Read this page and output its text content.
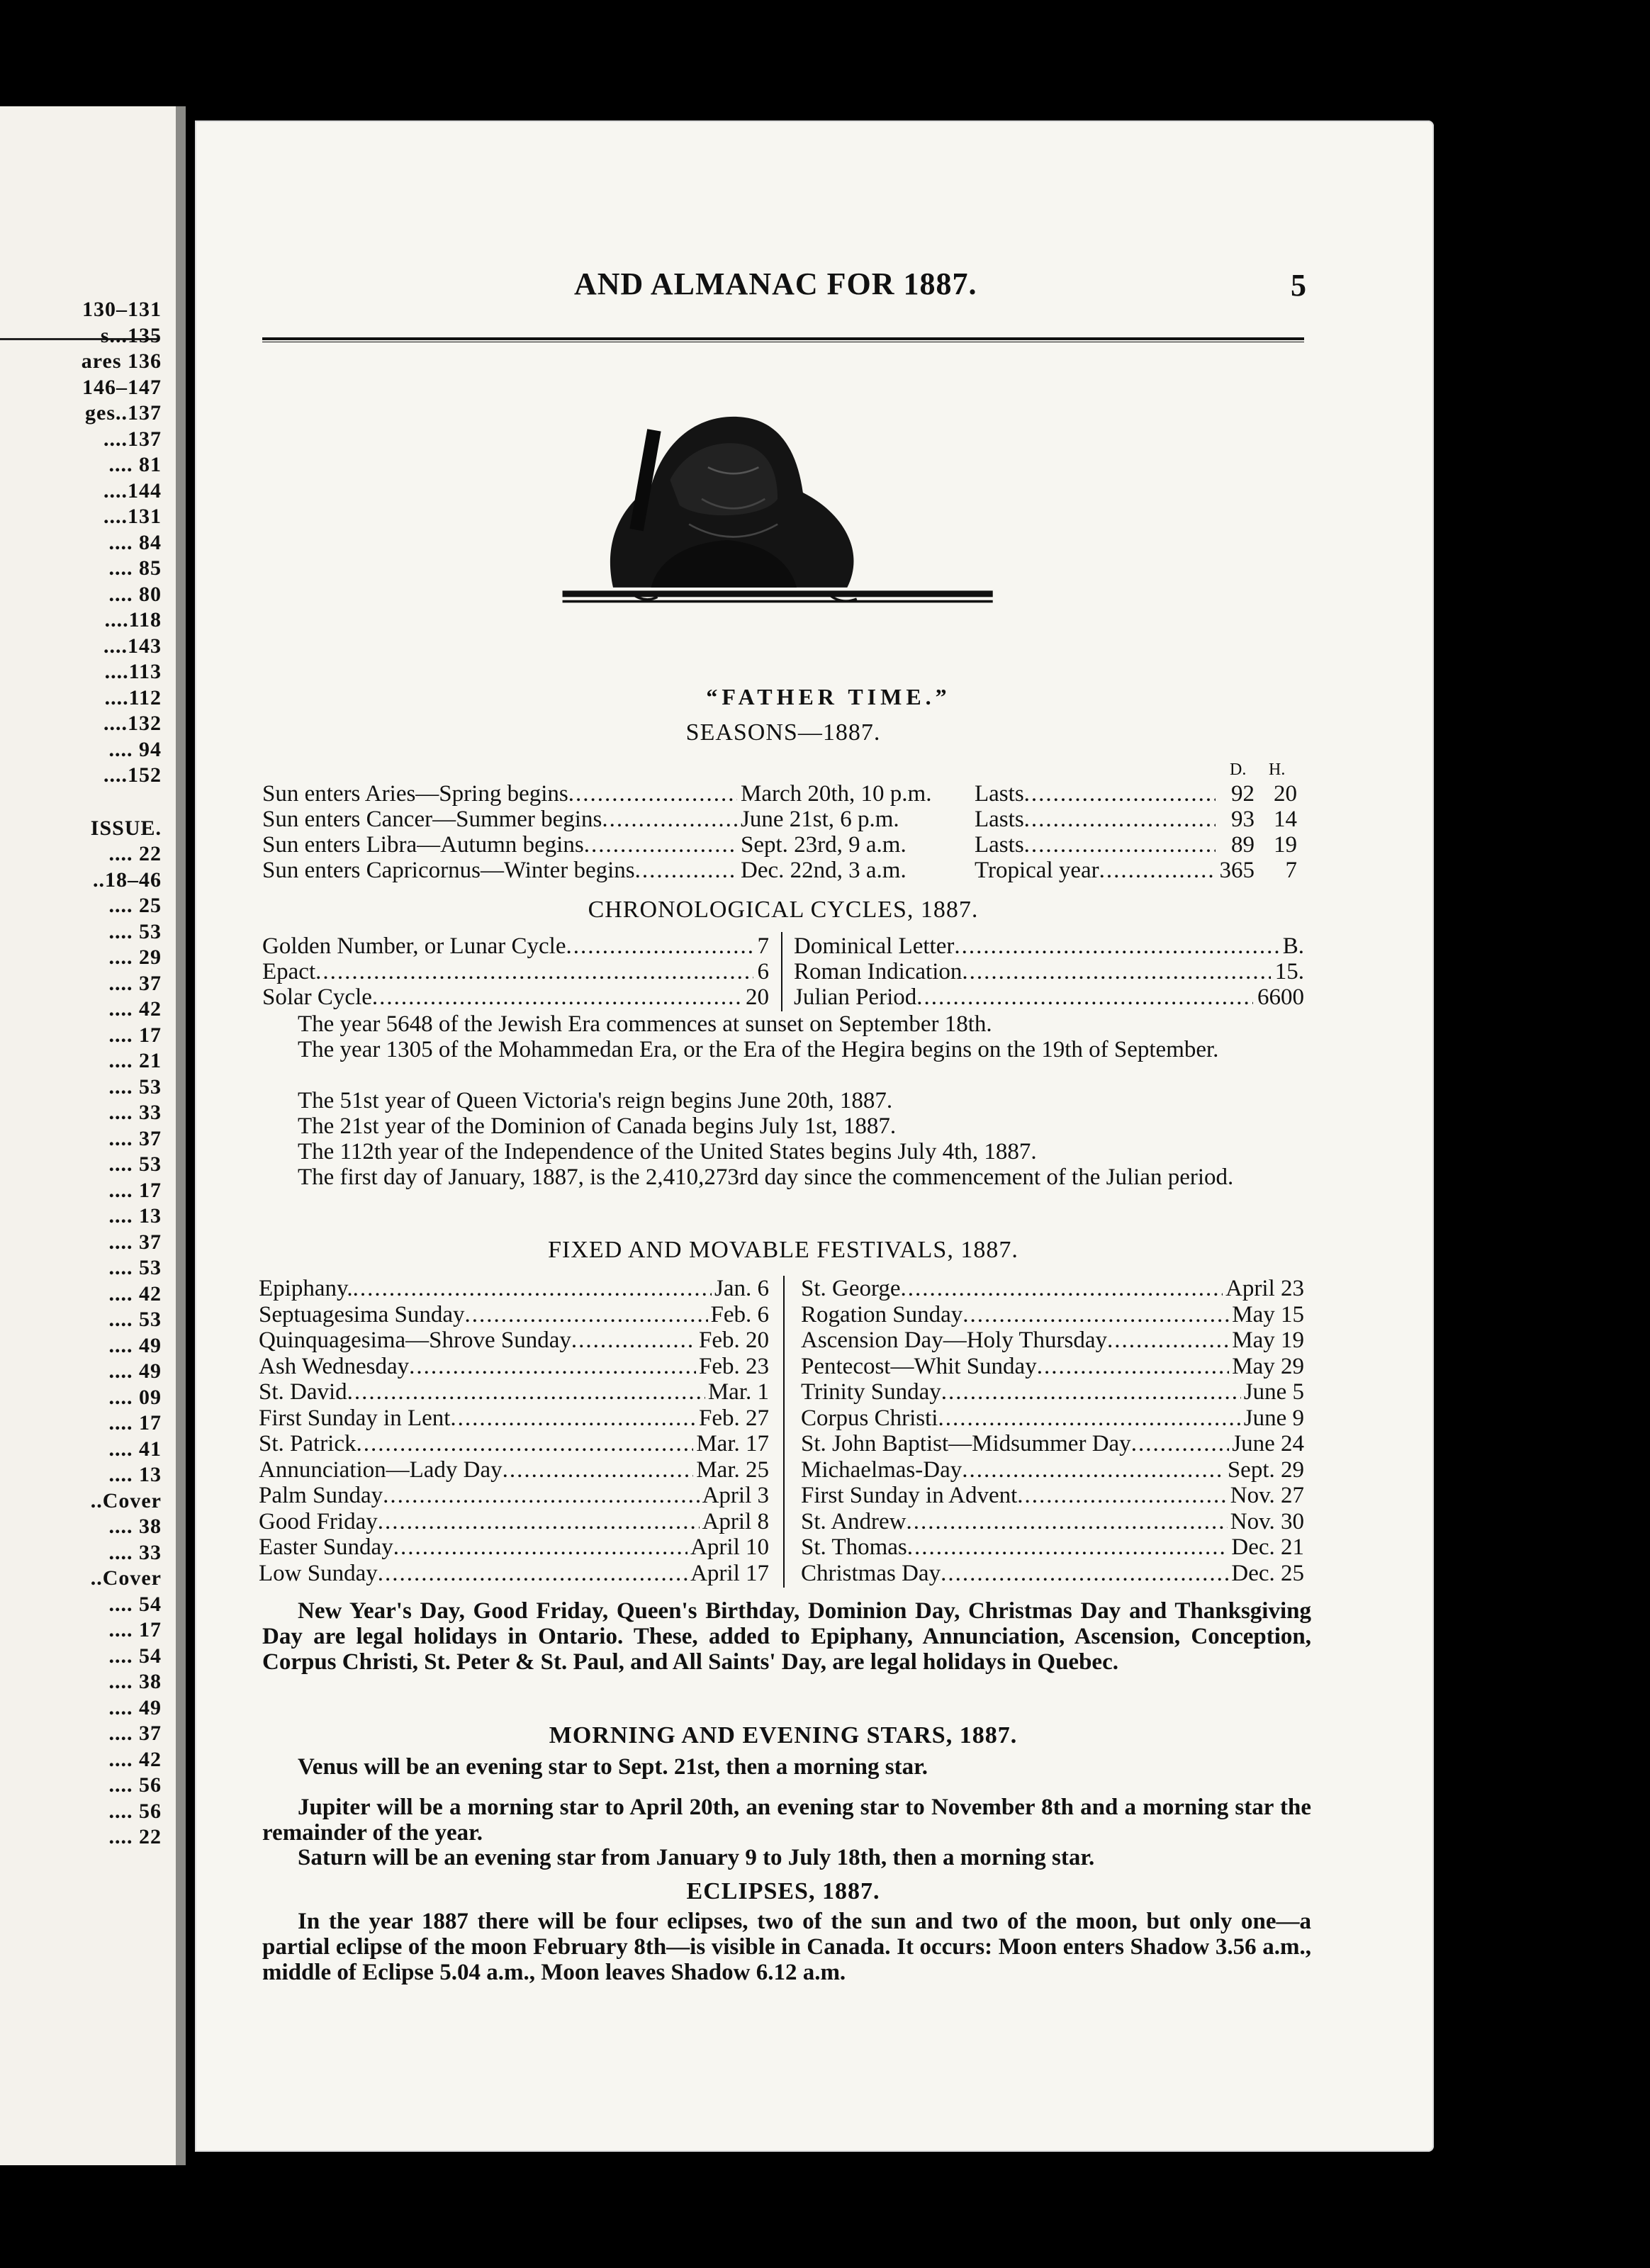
130–131
s...135
ares 136
146–147
ges..137
....137
.... 81
....144
....131
.... 84
.... 85
.... 80
....118
....143
....113
....112
....132
.... 94
....152
ISSUE.
.... 22
..18–46
.... 25
.... 53
.... 29
.... 37
.... 42
.... 17
.... 21
.... 53
.... 33
.... 37
.... 53
.... 17
.... 13
.... 37
.... 53
.... 42
.... 53
.... 49
.... 49
.... 09
.... 17
.... 41
.... 13
..Cover
.... 38
.... 33
..Cover
.... 54
.... 17
.... 54
.... 38
.... 49
.... 37
.... 42
.... 56
.... 56
.... 22
AND ALMANAC FOR 1887.	5
“FATHER TIME.”
SEASONS—1887.
D. H.
Sun enters Aries—Spring begins .....	March 20th, 10 p.m. Lasts .....	92 20
Sun enters Cancer—Summer begins .....	June 21st, 6 p.m.	Lasts .....	93 14
Sun enters Libra—Autumn begins .....	Sept. 23rd, 9 a.m.	Lasts .....	89 19
Sun enters Capricornus—Winter begins .....	Dec. 22nd, 3 a.m.	Tropical year .....	365	7
CHRONOLOGICAL CYCLES, 1887.
Golden Number, or Lunar Cycle .....	7
Epact .....	6
Solar Cycle .....	20
Dominical Letter .....	B.
Roman Indication .....	15.
Julian Period .....	6600
The year 5648 of the Jewish Era commences at sunset on September 18th.
The year 1305 of the Mohammedan Era, or the Era of the Hegira begins on the 19th of September.
The 51st year of Queen Victoria's reign begins June 20th, 1887.
The 21st year of the Dominion of Canada begins July 1st, 1887.
The 112th year of the Independence of the United States begins July 4th, 1887.
The first day of January, 1887, is the 2,410,273rd day since the commencement of the Julian period.
FIXED AND MOVABLE FESTIVALS, 1887.
Epiphany. .....	Jan. 6
Septuagesima Sunday .....	Feb. 6
Quinquagesima—Shrove Sunday .....	Feb. 20
Ash Wednesday .....	Feb. 23
St. David .....	Mar. 1
First Sunday in Lent .....	Feb. 27
St. Patrick .....	Mar. 17
Annunciation—Lady Day .....	Mar. 25
Palm Sunday .....	April 3
Good Friday .....	April 8
Easter Sunday .....	April 10
Low Sunday .....	April 17
St. George .....	April 23
Rogation Sunday .....	May 15
Ascension Day—Holy Thursday .....	May 19
Pentecost—Whit Sunday .....	May 29
Trinity Sunday .....	June 5
Corpus Christi .....	June 9
St. John Baptist—Midsummer Day .....	June 24
Michaelmas-Day .....	Sept. 29
First Sunday in Advent .....	Nov. 27
St. Andrew .....	Nov. 30
St. Thomas .....	Dec. 21
Christmas Day .....	Dec. 25
New Year's Day, Good Friday, Queen's Birthday, Dominion Day, Christmas Day and Thanksgiving Day are legal holidays in Ontario. These, added to Epiphany, Annunciation, Ascension, Conception, Corpus Christi, St. Peter & St. Paul, and All Saints' Day, are legal holidays in Quebec.
MORNING AND EVENING STARS, 1887.
Venus will be an evening star to Sept. 21st, then a morning star.
Jupiter will be a morning star to April 20th, an evening star to November 8th and a morning star the remainder of the year.
Saturn will be an evening star from January 9 to July 18th, then a morning star.
ECLIPSES, 1887.
In the year 1887 there will be four eclipses, two of the sun and two of the moon, but only one—a partial eclipse of the moon February 8th—is visible in Canada. It occurs: Moon enters Shadow 3.56 a.m., middle of Eclipse 5.04 a.m., Moon leaves Shadow 6.12 a.m.
